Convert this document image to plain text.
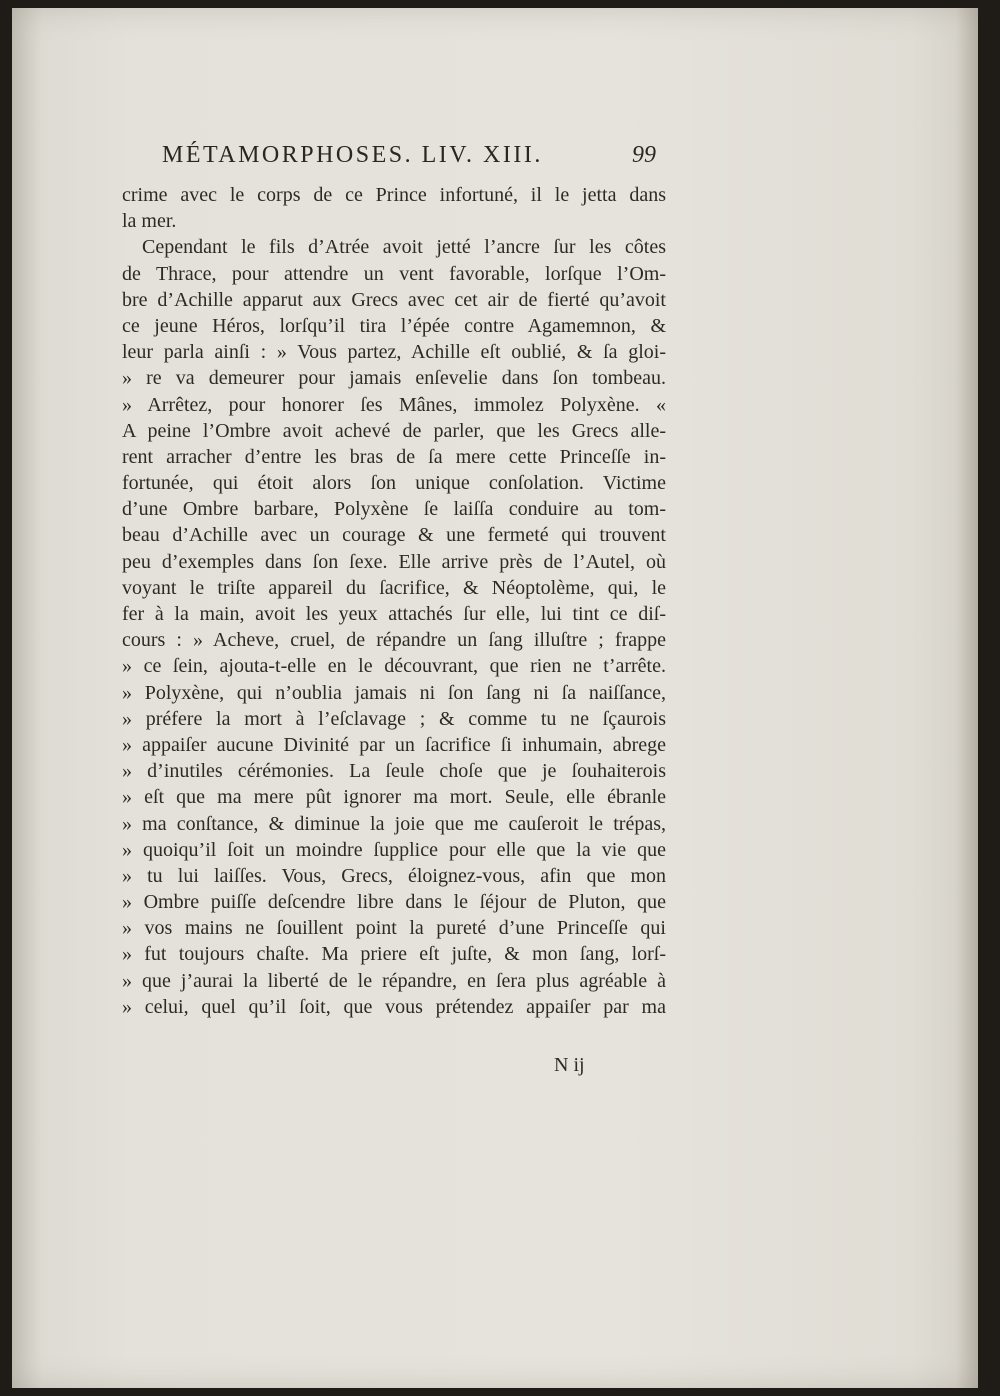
MÉTAMORPHOSES. LIV. XIII.	99
crime avec le corps de ce Prince infortuné, il le jetta dans
la mer.
Cependant le fils d’Atrée avoit jetté l’ancre ſur les côtes
de Thrace, pour attendre un vent favorable, lorſque l’Om-
bre d’Achille apparut aux Grecs avec cet air de fierté qu’avoit
ce jeune Héros, lorſqu’il tira l’épée contre Agamemnon, &
leur parla ainſi : » Vous partez, Achille eſt oublié, & ſa gloi-
» re va demeurer pour jamais enſevelie dans ſon tombeau.
» Arrêtez, pour honorer ſes Mânes, immolez Polyxène. «
A peine l’Ombre avoit achevé de parler, que les Grecs alle-
rent arracher d’entre les bras de ſa mere cette Princeſſe in-
fortunée, qui étoit alors ſon unique conſolation. Victime
d’une Ombre barbare, Polyxène ſe laiſſa conduire au tom-
beau d’Achille avec un courage & une fermeté qui trouvent
peu d’exemples dans ſon ſexe. Elle arrive près de l’Autel, où
voyant le triſte appareil du ſacrifice, & Néoptolème, qui, le
fer à la main, avoit les yeux attachés ſur elle, lui tint ce diſ-
cours : » Acheve, cruel, de répandre un ſang illuſtre ; frappe
» ce ſein, ajouta-t-elle en le découvrant, que rien ne t’arrête.
» Polyxène, qui n’oublia jamais ni ſon ſang ni ſa naiſſance,
» préfere la mort à l’eſclavage ; & comme tu ne ſçaurois
» appaiſer aucune Divinité par un ſacrifice ſi inhumain, abrege
» d’inutiles cérémonies. La ſeule choſe que je ſouhaiterois
» eſt que ma mere pût ignorer ma mort. Seule, elle ébranle
» ma conſtance, & diminue la joie que me cauſeroit le trépas,
» quoiqu’il ſoit un moindre ſupplice pour elle que la vie que
» tu lui laiſſes. Vous, Grecs, éloignez-vous, afin que mon
» Ombre puiſſe deſcendre libre dans le ſéjour de Pluton, que
» vos mains ne ſouillent point la pureté d’une Princeſſe qui
» fut toujours chaſte. Ma priere eſt juſte, & mon ſang, lorſ-
» que j’aurai la liberté de le répandre, en ſera plus agréable à
» celui, quel qu’il ſoit, que vous prétendez appaiſer par ma
N ij
